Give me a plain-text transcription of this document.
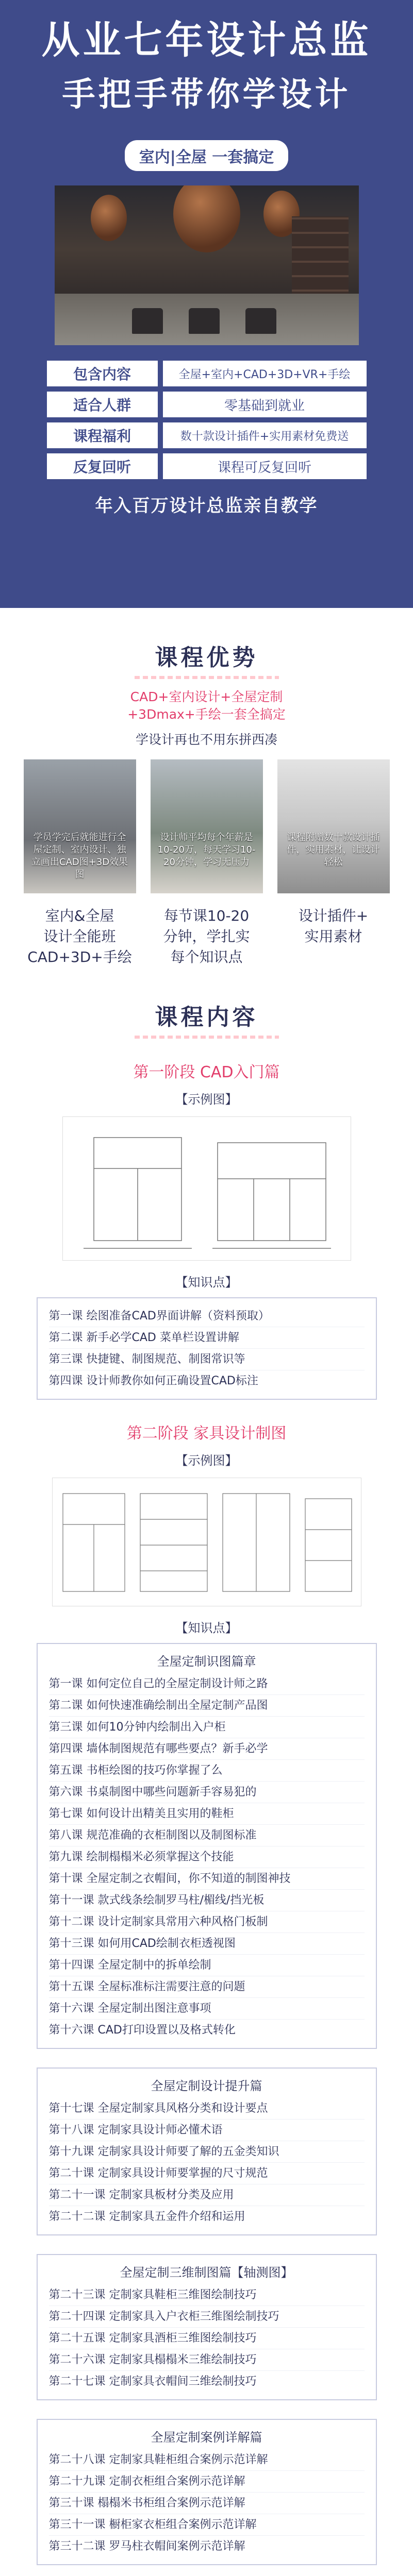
从业七年设计总监
手把手带你学设计
室内|全屋 一套搞定
包含内容	全屋+室内+CAD+3D+VR+手绘
适合人群	零基础到就业
课程福利	数十款设计插件+实用素材免费送
反复回听	课程可反复回听
年入百万设计总监亲自教学
课程优势
CAD+室内设计+全屋定制
+3Dmax+手绘一套全搞定
学设计再也不用东拼西凑
学员学完后就能进行全屋定制、室内设计、独立画出CAD图+3D效果图
设计师平均每个年薪是10-20万，每天学习10-20分钟，学习无压力
课程附赠数十款设计插件，实用素材，让设计轻松
室内&全屋
设计全能班
CAD+3D+手绘
每节课10-20
分钟，学扎实
每个知识点
设计插件+
实用素材
课程内容
第一阶段 CAD入门篇
【示例图】
【知识点】
第一课 绘图准备CAD界面讲解（资料预取）
第二课 新手必学CAD 菜单栏设置讲解
第三课 快捷键、制图规范、制图常识等
第四课 设计师教你如何正确设置CAD标注
第二阶段 家具设计制图
【示例图】
【知识点】
全屋定制识图篇章
第一课 如何定位自己的全屋定制设计师之路
第二课 如何快速准确绘制出全屋定制产品图
第三课 如何10分钟内绘制出入户柜
第四课 墙体制图规范有哪些要点？新手必学
第五课 书柜绘图的技巧你掌握了么
第六课 书桌制图中哪些问题新手容易犯的
第七课 如何设计出精美且实用的鞋柜
第八课 规范准确的衣柜制图以及制图标准
第九课 绘制榻榻米必须掌握这个技能
第十课 全屋定制之衣帽间，你不知道的制图神技
第十一课 款式线条绘制罗马柱/楣线/挡光板
第十二课 设计定制家具常用六种风格门板制
第十三课 如何用CAD绘制衣柜透视图
第十四课 全屋定制中的拆单绘制
第十五课 全屋标准标注需要注意的问题
第十六课 全屋定制出图注意事项
第十六课 CAD打印设置以及格式转化
全屋定制设计提升篇
第十七课 全屋定制家具风格分类和设计要点
第十八课 定制家具设计师必懂术语
第十九课 定制家具设计师要了解的五金类知识
第二十课 定制家具设计师要掌握的尺寸规范
第二十一课 定制家具板材分类及应用
第二十二课 定制家具五金件介绍和运用
全屋定制三维制图篇【轴测图】
第二十三课 定制家具鞋柜三维图绘制技巧
第二十四课 定制家具入户衣柜三维图绘制技巧
第二十五课 定制家具酒柜三维图绘制技巧
第二十六课 定制家具榻榻米三维绘制技巧
第二十七课 定制家具衣帽间三维绘制技巧
全屋定制案例详解篇
第二十八课 定制家具鞋柜组合案例示范详解
第二十九课 定制衣柜组合案例示范详解
第三十课 榻榻米书柜组合案例示范详解
第三十一课 橱柜家衣柜组合案例示范详解
第三十二课 罗马柱衣帽间案例示范详解
